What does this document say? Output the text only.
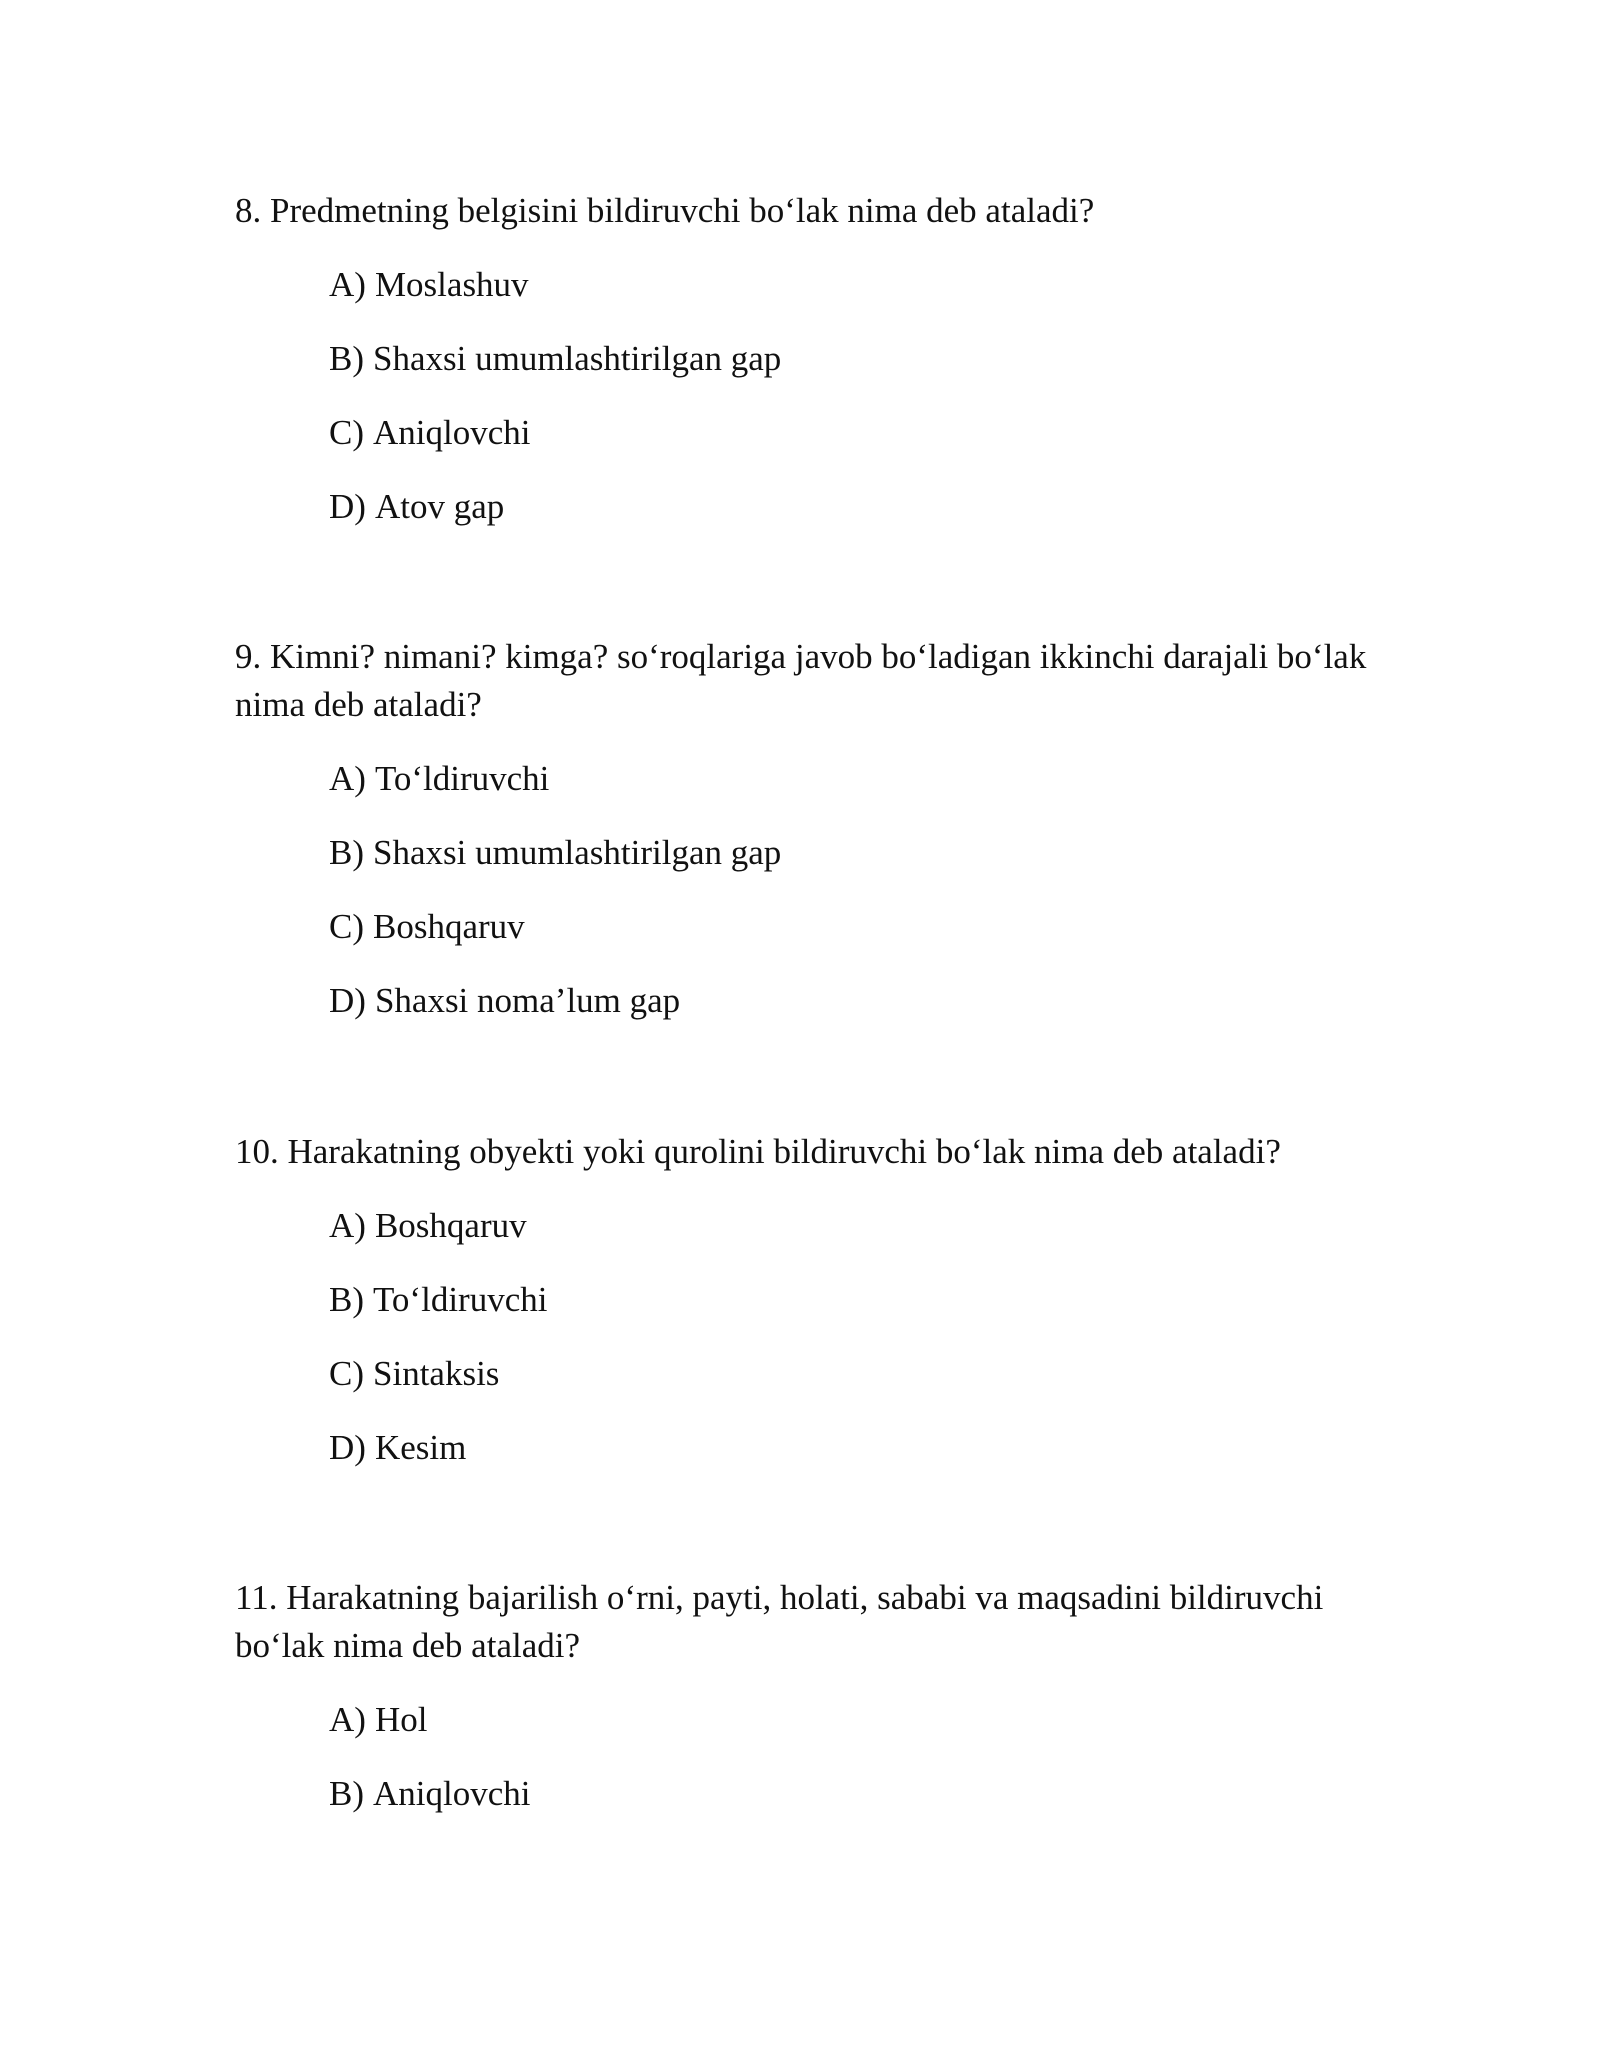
8. Predmetning belgisini bildiruvchi bo‘lak nima deb ataladi?

A) Moslashuv
B) Shaxsi umumlashtirilgan gap
C) Aniqlovchi
D) Atov gap

9. Kimni? nimani? kimga? so‘roqlariga javob bo‘ladigan ikkinchi darajali bo‘lak nima deb ataladi?

A) To‘ldiruvchi
B) Shaxsi umumlashtirilgan gap
C) Boshqaruv
D) Shaxsi noma’lum gap

10. Harakatning obyekti yoki qurolini bildiruvchi bo‘lak nima deb ataladi?

A) Boshqaruv
B) To‘ldiruvchi
C) Sintaksis
D) Kesim

11. Harakatning bajarilish o‘rni, payti, holati, sababi va maqsadini bildiruvchi bo‘lak nima deb ataladi?

A) Hol
B) Aniqlovchi
